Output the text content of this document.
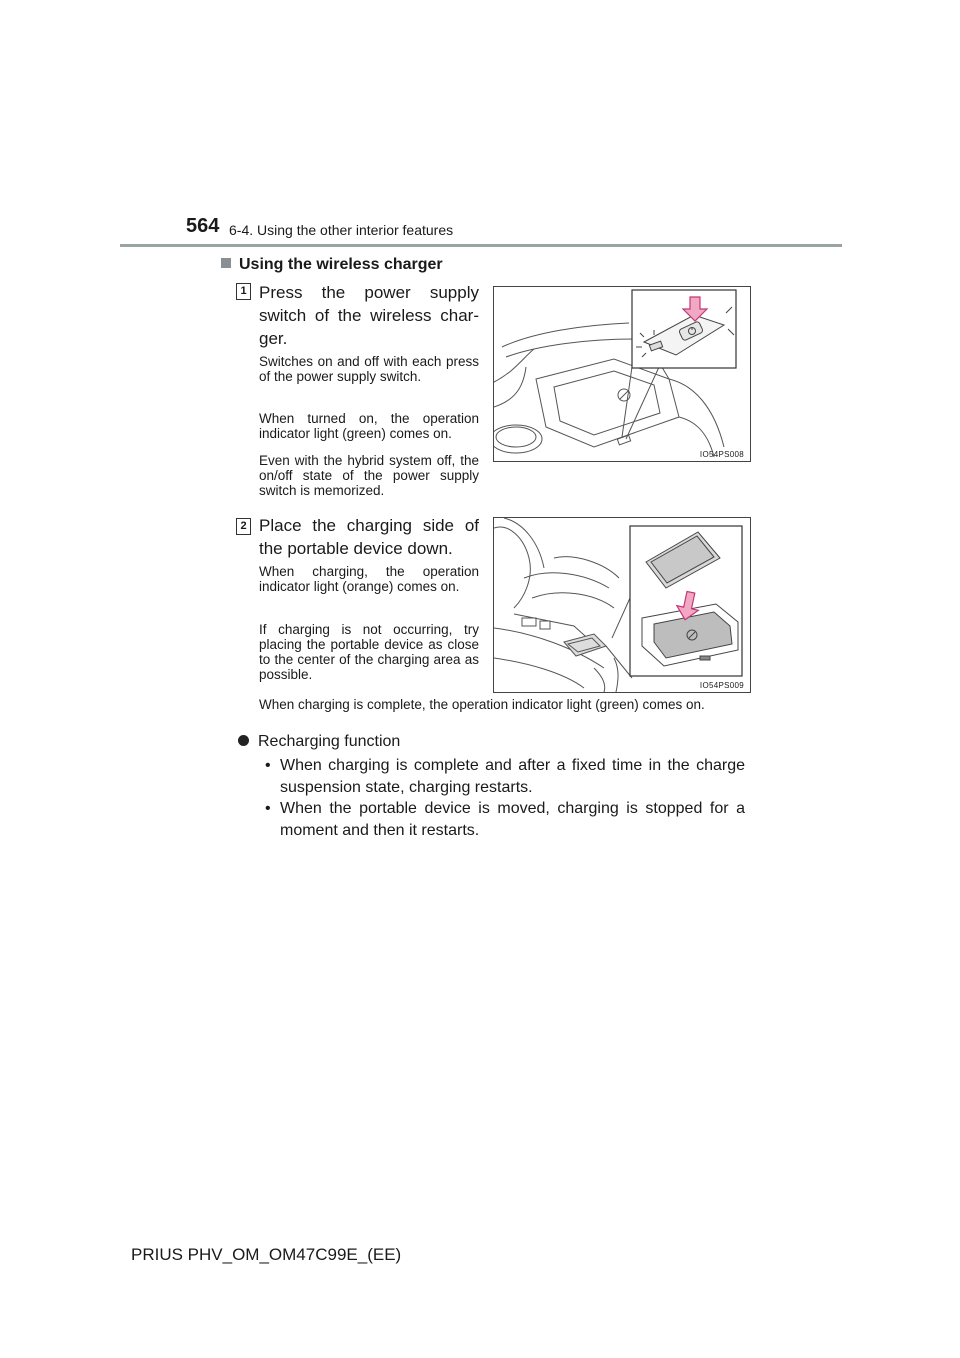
564 6-4. Using the other interior features
Using the wireless charger
1 Press the power supply switch of the wireless char-ger.
Switches on and off with each press of the power supply switch.
When turned on, the operation indicator light (green) comes on.
Even with the hybrid system off, the on/off state of the power supply switch is memorized.
IO54PS008
2 Place the charging side of the portable device down.
When charging, the operation indicator light (orange) comes on.
If charging is not occurring, try placing the portable device as close to the center of the charging area as possible.
IO54PS009
When charging is complete, the operation indicator light (green) comes on.
Recharging function
• When charging is complete and after a fixed time in the charge suspension state, charging restarts.
• When the portable device is moved, charging is stopped for a moment and then it restarts.
PRIUS PHV_OM_OM47C99E_(EE)
